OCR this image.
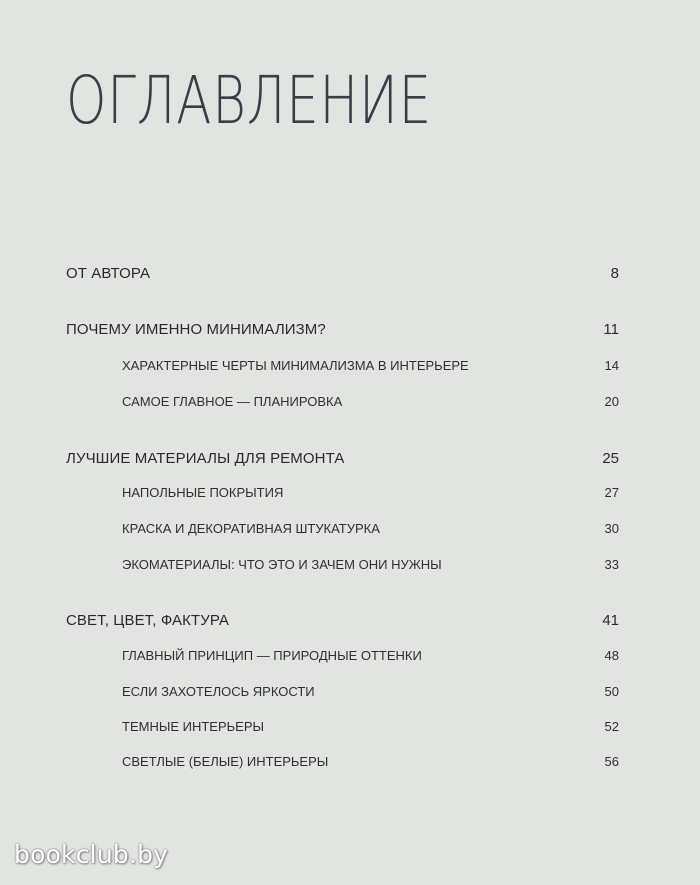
ОГЛАВЛЕНИЕ
ОТ АВТОРА	8
ПОЧЕМУ ИМЕННО МИНИМАЛИЗМ?	11
ХАРАКТЕРНЫЕ ЧЕРТЫ МИНИМАЛИЗМА В ИНТЕРЬЕРЕ	14
САМОЕ ГЛАВНОЕ — ПЛАНИРОВКА	20
ЛУЧШИЕ МАТЕРИАЛЫ ДЛЯ РЕМОНТА	25
НАПОЛЬНЫЕ ПОКРЫТИЯ	27
КРАСКА И ДЕКОРАТИВНАЯ ШТУКАТУРКА	30
ЭКОМАТЕРИАЛЫ: ЧТО ЭТО И ЗАЧЕМ ОНИ НУЖНЫ	33
СВЕТ, ЦВЕТ, ФАКТУРА	41
ГЛАВНЫЙ ПРИНЦИП — ПРИРОДНЫЕ ОТТЕНКИ	48
ЕСЛИ ЗАХОТЕЛОСЬ ЯРКОСТИ	50
ТЕМНЫЕ ИНТЕРЬЕРЫ	52
СВЕТЛЫЕ (БЕЛЫЕ) ИНТЕРЬЕРЫ	56
bookclub.by
